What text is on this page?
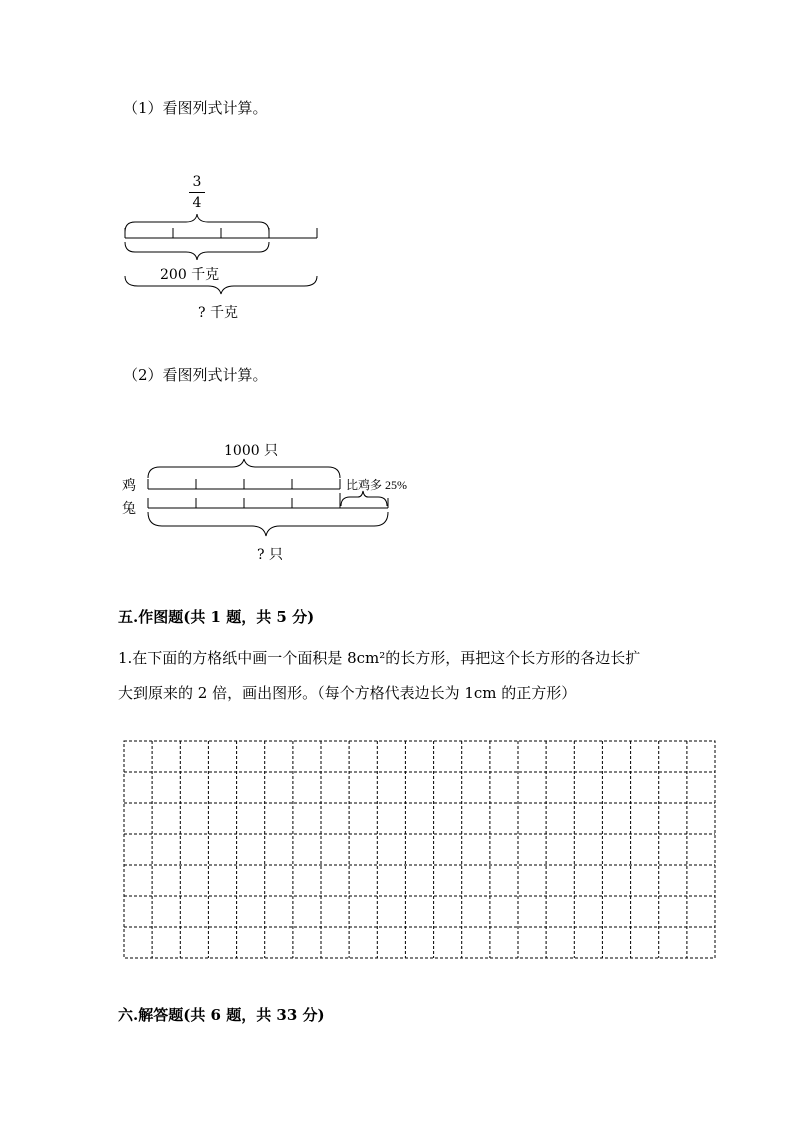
（1）看图列式计算。
3
4
200 千克
? 千克
（2）看图列式计算。
1000 只
鸡
兔
比鸡多 25%
? 只
五.作图题(共 1 题，共 5 分)
1.在下面的方格纸中画一个面积是 8cm²的长方形，再把这个长方形的各边长扩
大到原来的 2 倍，画出图形。（每个方格代表边长为 1cm 的正方形）
六.解答题(共 6 题，共 33 分)
